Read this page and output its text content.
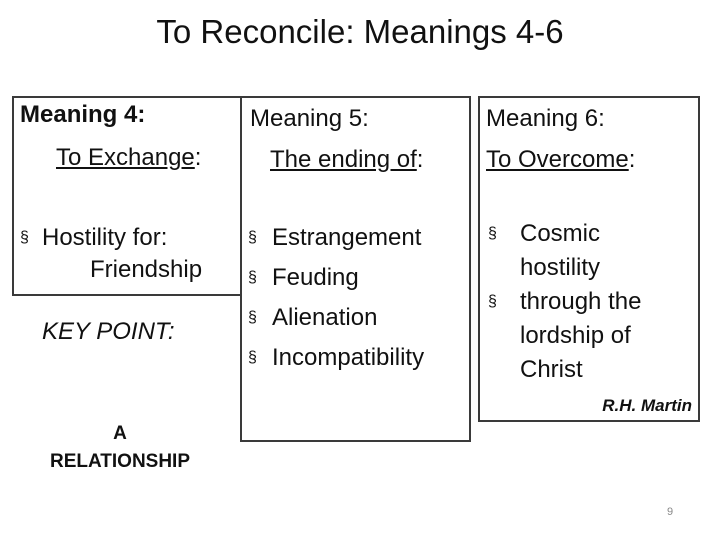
To Reconcile: Meanings 4-6
Meaning 4:
To Exchange:
§ Hostility for:
Friendship
KEY POINT:
A
RELATIONSHIP
Meaning 5:
The ending of:
§ Estrangement
§ Feuding
§ Alienation
§ Incompatibility
Meaning 6:
To Overcome:
§ Cosmic hostility
§ through the lordship of Christ
R.H. Martin
9
